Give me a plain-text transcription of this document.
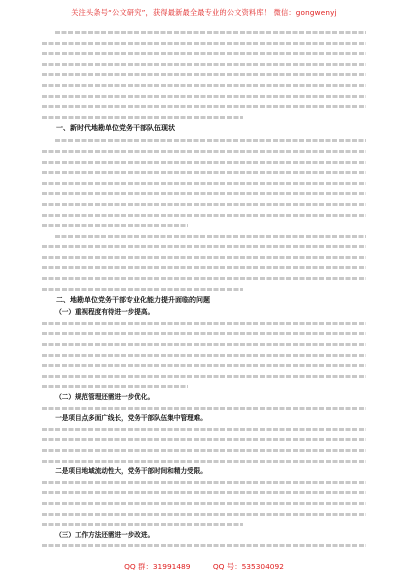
关注头条号“公文研究”，获得最新最全最专业的公文资料库！ 微信：gongwenyj
一、新时代地勘单位党务干部队伍现状
二、地勘单位党务干部专业化能力提升面临的问题

（一）重视程度有待进一步提高。

（二）规范管理还需进一步优化。

一是项目点多面广线长，党务干部队伍集中管理难。

二是项目地域流动性大，党务干部时间和精力受限。

（三）工作方法还需进一步改进。

QQ 群：31991489	QQ 号：535304092
